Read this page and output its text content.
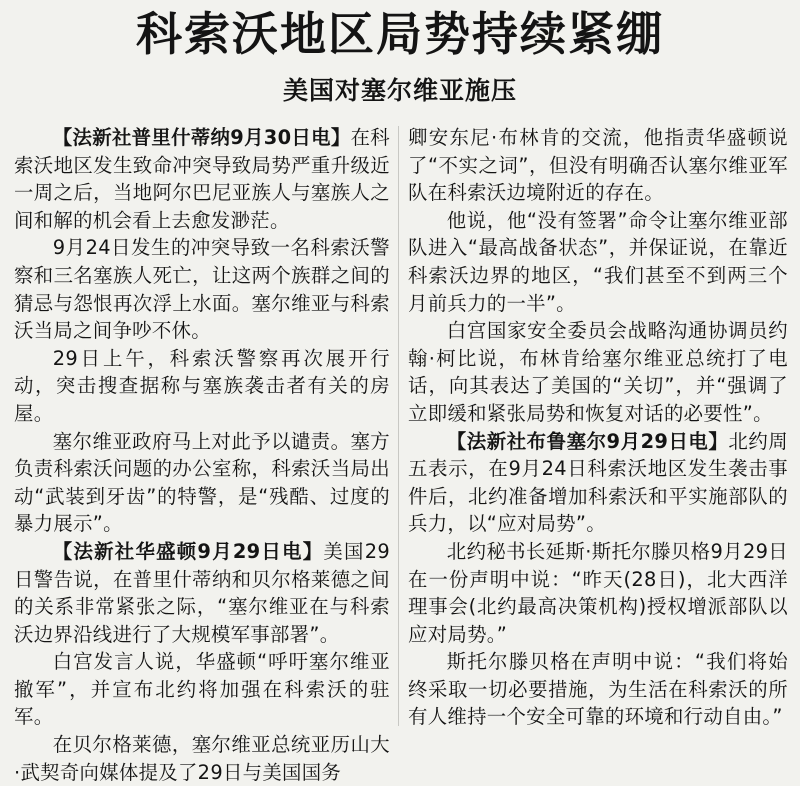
科索沃地区局势持续紧绷
美国对塞尔维亚施压

【法新社普里什蒂纳9月30日电】在科索沃地区发生致命冲突导致局势严重升级近一周之后，当地阿尔巴尼亚族人与塞族人之间和解的机会看上去愈发渺茫。

9月24日发生的冲突导致一名科索沃警察和三名塞族人死亡，让这两个族群之间的猜忌与怨恨再次浮上水面。塞尔维亚与科索沃当局之间争吵不休。

29日上午，科索沃警察再次展开行动，突击搜查据称与塞族袭击者有关的房屋。

塞尔维亚政府马上对此予以谴责。塞方负责科索沃问题的办公室称，科索沃当局出动“武装到牙齿”的特警，是“残酷、过度的暴力展示”。

【法新社华盛顿9月29日电】美国29日警告说，在普里什蒂纳和贝尔格莱德之间的关系非常紧张之际，“塞尔维亚在与科索沃边界沿线进行了大规模军事部署”。

白宫发言人说，华盛顿“呼吁塞尔维亚撤军”，并宣布北约将加强在科索沃的驻军。

在贝尔格莱德，塞尔维亚总统亚历山大·武契奇向媒体提及了29日与美国国务

卿安东尼·布林肯的交流，他指责华盛顿说了“不实之词”，但没有明确否认塞尔维亚军队在科索沃边境附近的存在。

他说，他“没有签署”命令让塞尔维亚部队进入“最高战备状态”，并保证说，在靠近科索沃边界的地区，“我们甚至不到两三个月前兵力的一半”。

白宫国家安全委员会战略沟通协调员约翰·柯比说，布林肯给塞尔维亚总统打了电话，向其表达了美国的“关切”，并“强调了立即缓和紧张局势和恢复对话的必要性”。

【法新社布鲁塞尔9月29日电】北约周五表示，在9月24日科索沃地区发生袭击事件后，北约准备增加科索沃和平实施部队的兵力，以“应对局势”。

北约秘书长延斯·斯托尔滕贝格9月29日在一份声明中说：“昨天(28日)，北大西洋理事会(北约最高决策机构)授权增派部队以应对局势。”

斯托尔滕贝格在声明中说：“我们将始终采取一切必要措施，为生活在科索沃的所有人维持一个安全可靠的环境和行动自由。”
